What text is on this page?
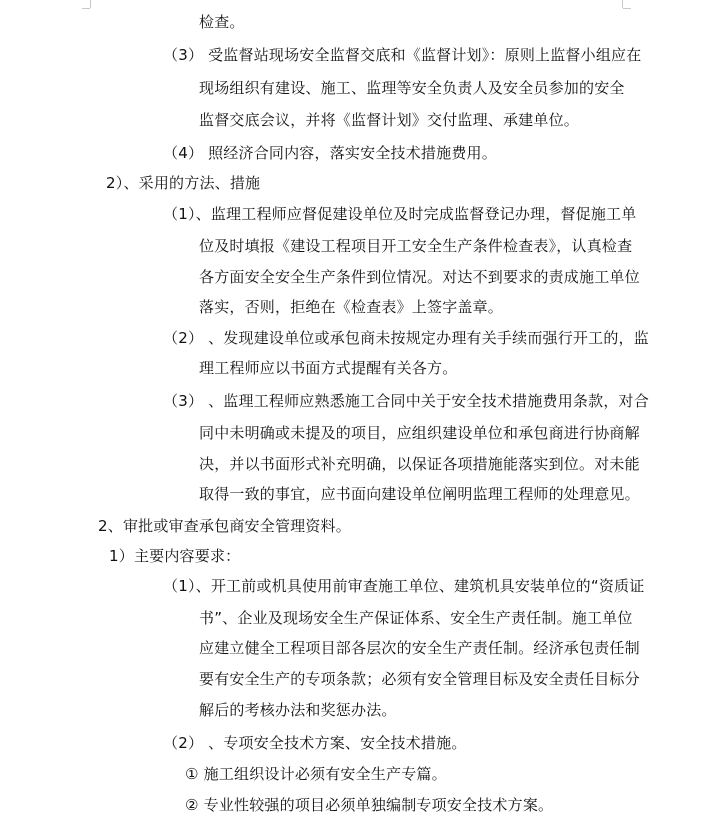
检查。
（3） 受监督站现场安全监督交底和《监督计划》：原则上监督小组应在
现场组织有建设、施工、监理等安全负责人及安全员参加的安全
监督交底会议，并将《监督计划》交付监理、承建单位。
（4） 照经济合同内容，落实安全技术措施费用。
2）、采用的方法、措施
（1）、监理工程师应督促建设单位及时完成监督登记办理，督促施工单
位及时填报《建设工程项目开工安全生产条件检查表》，认真检查
各方面安全安全生产条件到位情况。对达不到要求的责成施工单位
落实，否则，拒绝在《检查表》上签字盖章。
（2） 、发现建设单位或承包商未按规定办理有关手续而强行开工的，监
理工程师应以书面方式提醒有关各方。
（3） 、监理工程师应熟悉施工合同中关于安全技术措施费用条款，对合
同中未明确或未提及的项目，应组织建设单位和承包商进行协商解
决，并以书面形式补充明确，以保证各项措施能落实到位。对未能
取得一致的事宜，应书面向建设单位阐明监理工程师的处理意见。
2、审批或审查承包商安全管理资料。
1）主要内容要求：
（1）、开工前或机具使用前审查施工单位、建筑机具安装单位的“资质证
书”、企业及现场安全生产保证体系、安全生产责任制。施工单位
应建立健全工程项目部各层次的安全生产责任制。经济承包责任制
要有安全生产的专项条款；必须有安全管理目标及安全责任目标分
解后的考核办法和奖惩办法。
（2） 、专项安全技术方案、安全技术措施。
① 施工组织设计必须有安全生产专篇。
② 专业性较强的项目必须单独编制专项安全技术方案。
